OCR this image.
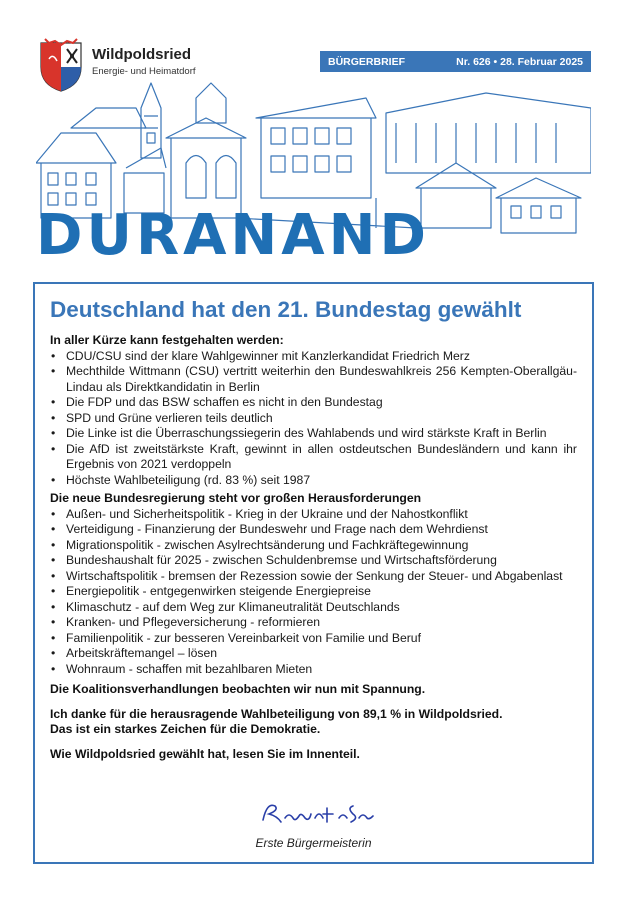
Wildpoldsried
Energie- und Heimatdorf
BÜRGERBRIEF	Nr. 626 • 28. Februar 2025
DURANAND
Deutschland hat den 21. Bundestag gewählt
In aller Kürze kann festgehalten werden:
• CDU/CSU sind der klare Wahlgewinner mit Kanzlerkandidat Friedrich Merz
• Mechthilde Wittmann (CSU) vertritt weiterhin den Bundeswahlkreis 256 Kempten-Oberallgäu-Lindau als Direktkandidatin in Berlin
• Die FDP und das BSW schaffen es nicht in den Bundestag
• SPD und Grüne verlieren teils deutlich
• Die Linke ist die Überraschungssiegerin des Wahlabends und wird stärkste Kraft in Berlin
• Die AfD ist zweitstärkste Kraft, gewinnt in allen ostdeutschen Bundesländern und kann ihr Ergebnis von 2021 verdoppeln
• Höchste Wahlbeteiligung (rd. 83 %) seit 1987
Die neue Bundesregierung steht vor großen Herausforderungen
• Außen- und Sicherheitspolitik - Krieg in der Ukraine und der Nahostkonflikt
• Verteidigung - Finanzierung der Bundeswehr und Frage nach dem Wehrdienst
• Migrationspolitik - zwischen Asylrechtsänderung und Fachkräftegewinnung
• Bundeshaushalt für 2025 - zwischen Schuldenbremse und Wirtschaftsförderung
• Wirtschaftspolitik - bremsen der Rezession sowie der Senkung der Steuer- und Abgabenlast
• Energiepolitik - entgegenwirken steigende Energiepreise
• Klimaschutz - auf dem Weg zur Klimaneutralität Deutschlands
• Kranken- und Pflegeversicherung - reformieren
• Familienpolitik - zur besseren Vereinbarkeit von Familie und Beruf
• Arbeitskräftemangel – lösen
• Wohnraum - schaffen mit bezahlbaren Mieten
Die Koalitionsverhandlungen beobachten wir nun mit Spannung.
Ich danke für die herausragende Wahlbeteiligung von 89,1 % in Wildpoldsried.
Das ist ein starkes Zeichen für die Demokratie.
Wie Wildpoldsried gewählt hat, lesen Sie im Innenteil.
Erste Bürgermeisterin
